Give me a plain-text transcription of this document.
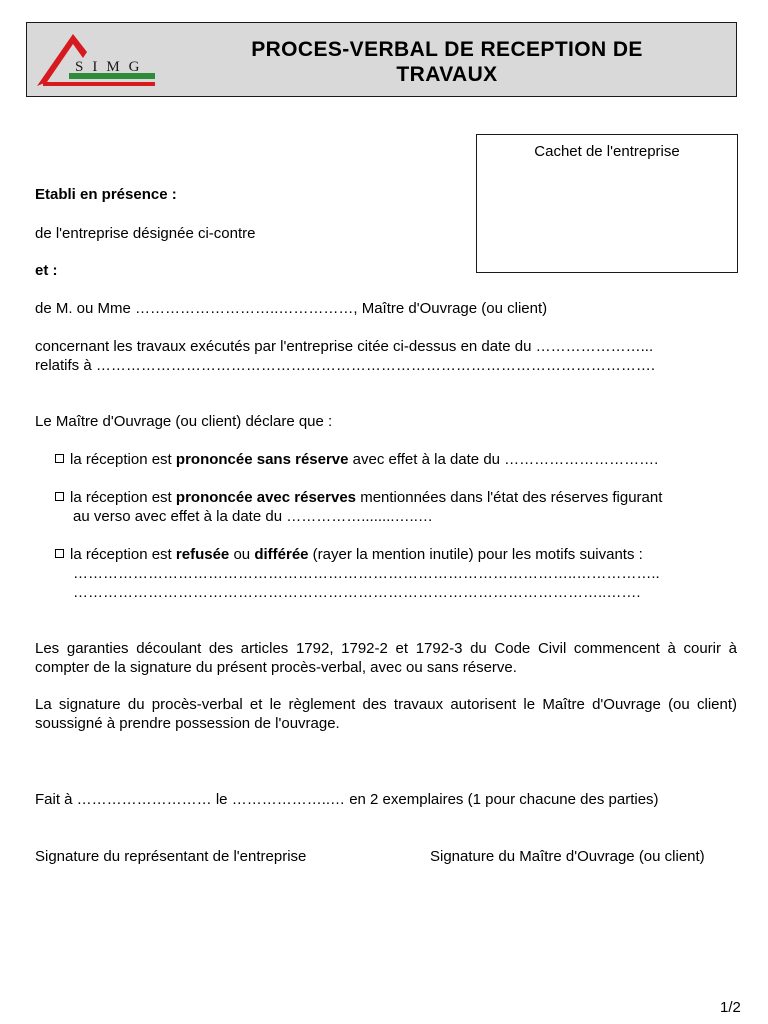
SIMG
PROCES-VERBAL DE RECEPTION DE
TRAVAUX
Cachet de l'entreprise
Etabli en présence :
de l'entreprise désignée ci-contre
et :
de M. ou Mme ………………………..……………, Maître d'Ouvrage (ou client)
concernant les travaux exécutés par l'entreprise citée ci-dessus en date du …………………...
relatifs à ………………………………………………………………………………………………….
Le Maître d'Ouvrage (ou client) déclare que :
la réception est prononcée sans réserve avec effet à la date du ………………………….
la réception est prononcée avec réserves mentionnées dans l'état des réserves figurant
au verso avec effet à la date du ……………........…..…
la réception est refusée ou différée (rayer la mention inutile) pour les motifs suivants :
………………………………………………………………………………………..……………..
……………………………………………………………………………………………..…….
Les garanties découlant des articles 1792, 1792-2 et 1792-3 du Code Civil commencent à courir à compter de la signature du présent procès-verbal, avec ou sans réserve.
La signature du procès-verbal et le règlement des travaux autorisent le Maître d'Ouvrage (ou client) soussigné à prendre possession de l'ouvrage.
Fait à ……………………… le ………………..… en 2 exemplaires (1 pour chacune des parties)
Signature du représentant de l'entreprise	Signature du Maître d'Ouvrage (ou client)
1/2
